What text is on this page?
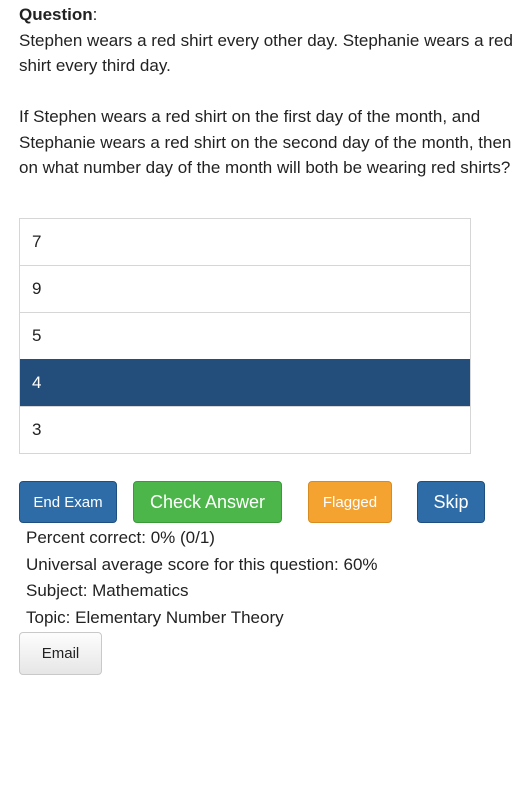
Question:

Stephen wears a red shirt every other day. Stephanie wears a red shirt every third day.

If Stephen wears a red shirt on the first day of the month, and Stephanie wears a red shirt on the second day of the month, then on what number day of the month will both be wearing red shirts?

7
9
5
4
3
End Exam	Check Answer	Flagged	Skip
Percent correct: 0% (0/1)
Universal average score for this question: 60%
Subject: Mathematics
Topic: Elementary Number Theory
Email
